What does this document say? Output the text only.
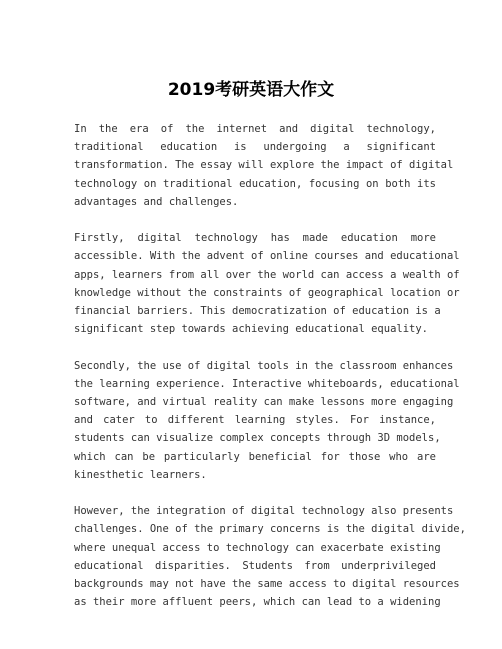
2019考研英语大作文

In the era of the internet and digital technology,
traditional education is undergoing a significant
transformation. The essay will explore the impact of digital
technology on traditional education, focusing on both its
advantages and challenges.

Firstly, digital technology has made education more
accessible. With the advent of online courses and educational
apps, learners from all over the world can access a wealth of
knowledge without the constraints of geographical location or
financial barriers. This democratization of education is a
significant step towards achieving educational equality.

Secondly, the use of digital tools in the classroom enhances
the learning experience. Interactive whiteboards, educational
software, and virtual reality can make lessons more engaging
and cater to different learning styles. For instance,
students can visualize complex concepts through 3D models,
which can be particularly beneficial for those who are
kinesthetic learners.

However, the integration of digital technology also presents
challenges. One of the primary concerns is the digital divide,
where unequal access to technology can exacerbate existing
educational disparities. Students from underprivileged
backgrounds may not have the same access to digital resources
as their more affluent peers, which can lead to a widening
